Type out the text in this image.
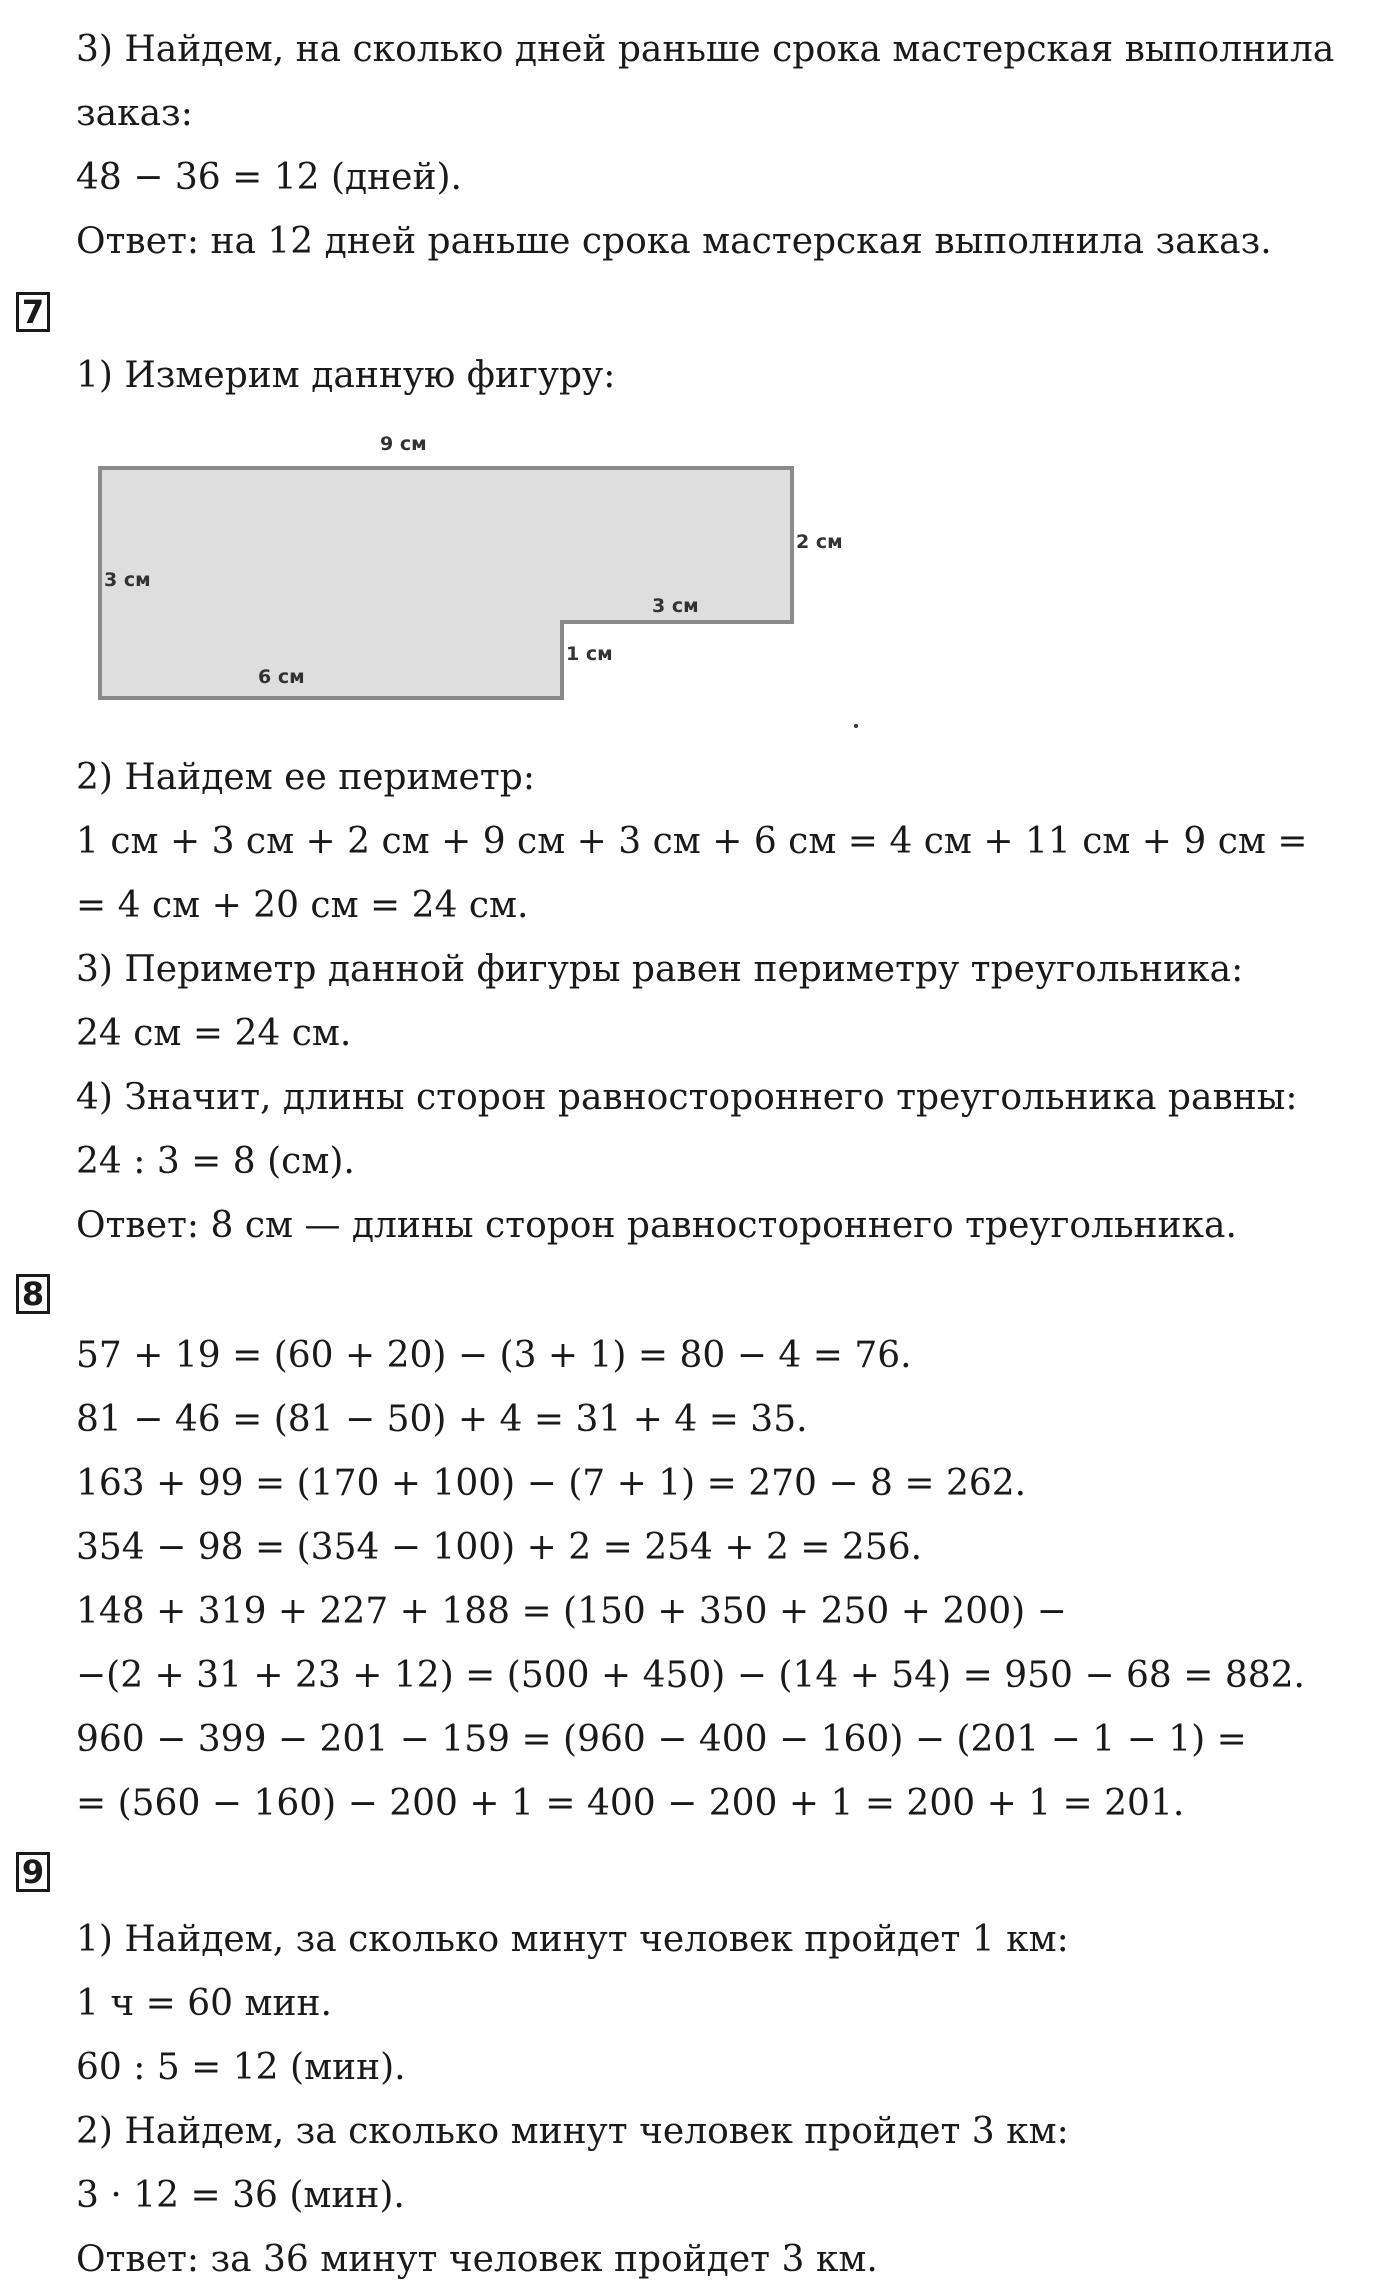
3) Найдем, на сколько дней раньше срока мастерская выполнила
заказ:
48 − 36 = 12 (дней).
Ответ: на 12 дней раньше срока мастерская выполнила заказ.
7
1) Измерим данную фигуру:
9 см
2 см
3 см
3 см
1 см
6 см
2) Найдем ее периметр:
1 см + 3 см + 2 см + 9 см + 3 см + 6 см = 4 см + 11 см + 9 см =
= 4 см + 20 см = 24 см.
3) Периметр данной фигуры равен периметру треугольника:
24 см = 24 см.
4) Значит, длины сторон равностороннего треугольника равны:
24 : 3 = 8 (см).
Ответ: 8 см — длины сторон равностороннего треугольника.
8
57 + 19 = (60 + 20) − (3 + 1) = 80 − 4 = 76.
81 − 46 = (81 − 50) + 4 = 31 + 4 = 35.
163 + 99 = (170 + 100) − (7 + 1) = 270 − 8 = 262.
354 − 98 = (354 − 100) + 2 = 254 + 2 = 256.
148 + 319 + 227 + 188 = (150 + 350 + 250 + 200) −
−(2 + 31 + 23 + 12) = (500 + 450) − (14 + 54) = 950 − 68 = 882.
960 − 399 − 201 − 159 = (960 − 400 − 160) − (201 − 1 − 1) =
= (560 − 160) − 200 + 1 = 400 − 200 + 1 = 200 + 1 = 201.
9
1) Найдем, за сколько минут человек пройдет 1 км:
1 ч = 60 мин.
60 : 5 = 12 (мин).
2) Найдем, за сколько минут человек пройдет 3 км:
3 · 12 = 36 (мин).
Ответ: за 36 минут человек пройдет 3 км.
